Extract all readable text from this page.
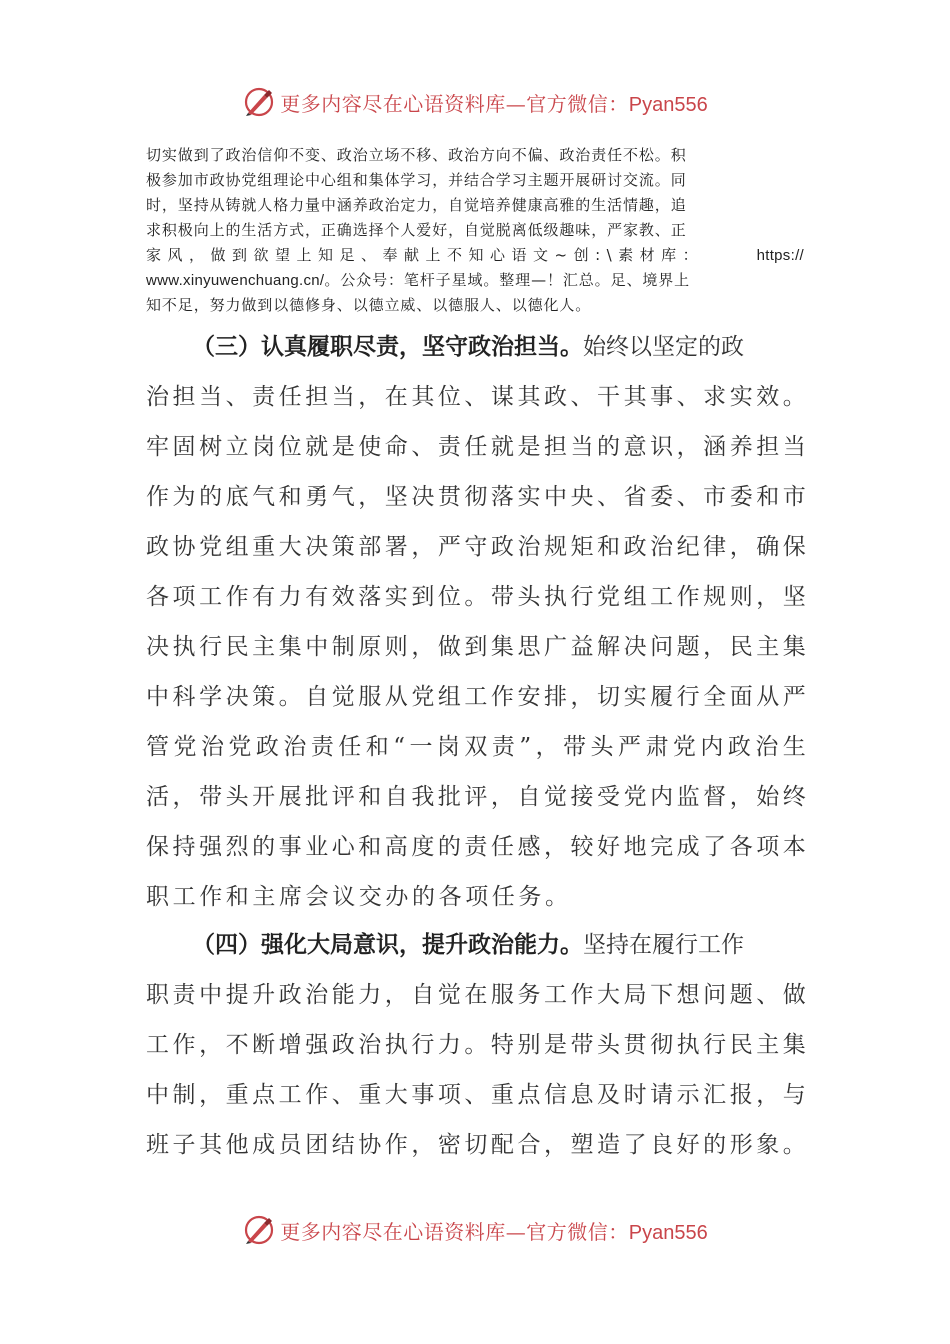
更多内容尽在心语资料库—官方微信：Pyan556
切实做到了政治信仰不变、政治立场不移、政治方向不偏、政治责任不松。积
极参加市政协党组理论中心组和集体学习，并结合学习主题开展研讨交流。同
时，坚持从铸就人格力量中涵养政治定力，自觉培养健康高雅的生活情趣，追
求积极向上的生活方式，正确选择个人爱好，自觉脱离低级趣味，严家教、正
家风，做到欲望上知足、奉献上不知心语文~创:\素材库：	https://
www.xinyuwenchuang.cn/。公众号：笔杆子星域。整理—！汇总。足、境界上
知不足，努力做到以德修身、以德立威、以德服人、以德化人。
（三）认真履职尽责，坚守政治担当。始终以坚定的政
治 担 当 、 责 任 担 当 ， 在 其 位 、 谋 其 政 、 干 其 事 、 求 实 效 。
牢 固 树 立 岗 位 就 是 使 命 、 责 任 就 是 担 当 的 意 识 ， 涵 养 担 当
作 为 的 底 气 和 勇 气 ， 坚 决 贯 彻 落 实 中 央 、 省 委 、 市 委 和 市
政 协 党 组 重 大 决 策 部 署 ， 严 守 政 治 规 矩 和 政 治 纪 律 ， 确 保
各 项 工 作 有 力 有 效 落 实 到 位 。 带 头 执 行 党 组 工 作 规 则 ， 坚
决 执 行 民 主 集 中 制 原 则 ， 做 到 集 思 广 益 解 决 问 题 ， 民 主 集
中 科 学 决 策 。 自 觉 服 从 党 组 工 作 安 排 ， 切 实 履 行 全 面 从 严
管 党 治 党 政 治 责 任 和 “ 一 岗 双 责 ” ， 带 头 严 肃 党 内 政 治 生
活 ， 带 头 开 展 批 评 和 自 我 批 评 ， 自 觉 接 受 党 内 监 督 ， 始 终
保 持 强 烈 的 事 业 心 和 高 度 的 责 任 感 ， 较 好 地 完 成 了 各 项 本
职工作和主席会议交办的各项任务。
（四）强化大局意识，提升政治能力。坚持在履行工作
职 责 中 提 升 政 治 能 力 ， 自 觉 在 服 务 工 作 大 局 下 想 问 题 、 做
工 作 ， 不 断 增 强 政 治 执 行 力 。 特 别 是 带 头 贯 彻 执 行 民 主 集
中 制 ， 重 点 工 作 、 重 大 事 项 、 重 点 信 息 及 时 请 示 汇 报 ， 与
班 子 其 他 成 员 团 结 协 作 ， 密 切 配 合 ， 塑 造 了 良 好 的 形 象 。
更多内容尽在心语资料库—官方微信：Pyan556
